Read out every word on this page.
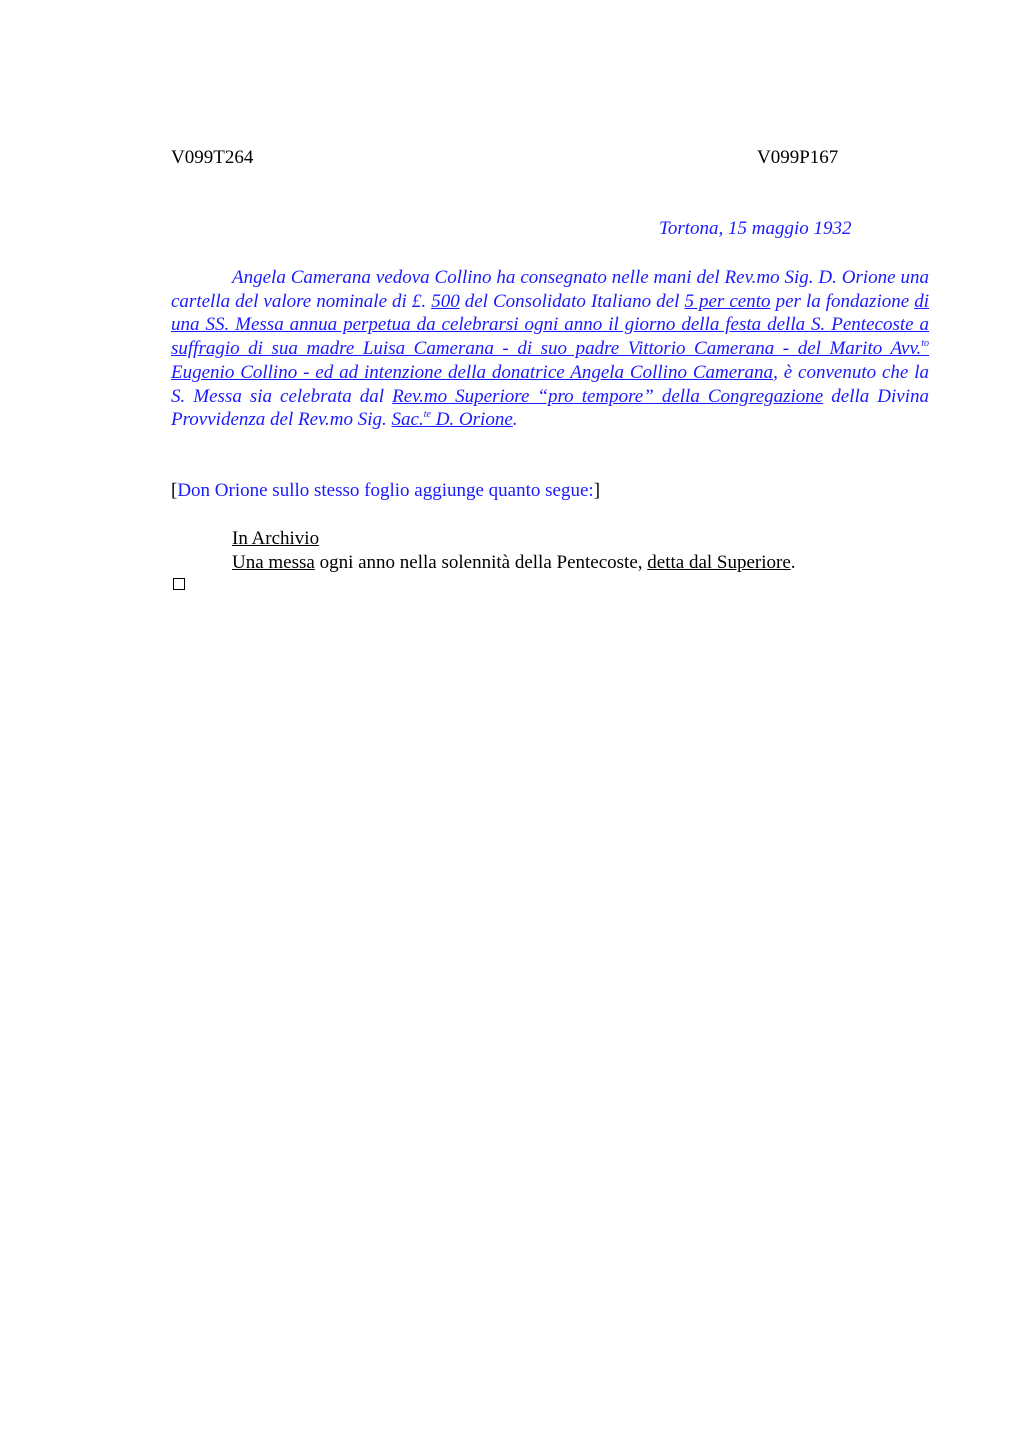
V099T264	V099P167
Tortona, 15 maggio 1932

Angela Camerana vedova Collino ha consegnato nelle mani del Rev.mo Sig. D. Orione una cartella del valore nominale di £. 500 del Consolidato Italiano del 5 per cento per la fondazione di una SS. Messa annua perpetua da celebrarsi ogni anno il giorno della festa della S. Pentecoste a suffragio di sua madre Luisa Camerana - di suo padre Vittorio Camerana - del Marito Avv.$^{to}$ Eugenio Collino - ed ad intenzione della donatrice Angela Collino Camerana, è convenuto che la S. Messa sia celebrata dal Rev.mo Superiore “pro tempore” della Congregazione della Divina Provvidenza del Rev.mo Sig. Sac.$^{te}$ D. Orione.

[Don Orione sullo stesso foglio aggiunge quanto segue:]
In Archivio
Una messa ogni anno nella solennità della Pentecoste, detta dal Superiore.
